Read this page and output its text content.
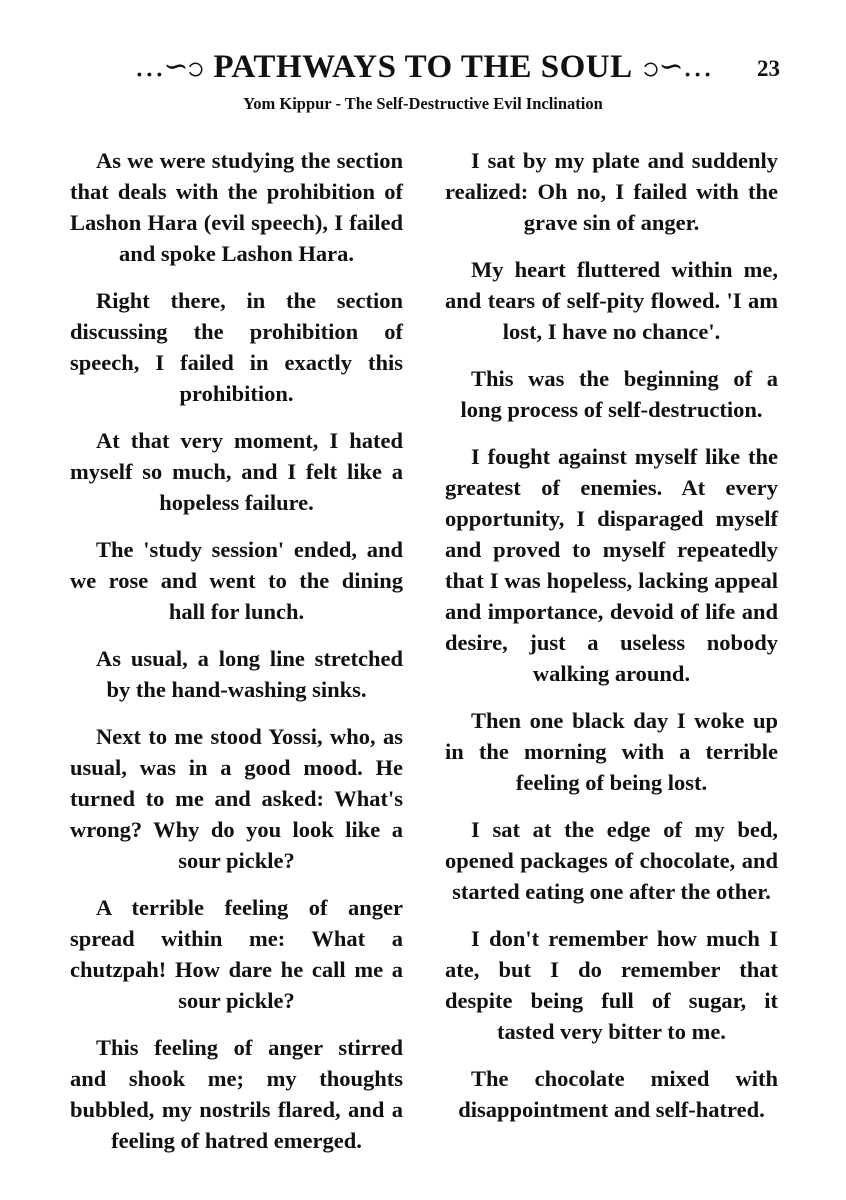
…∽ၥ PATHWAYS TO THE SOUL ၥ∽… 23
Yom Kippur - The Self-Destructive Evil Inclination

As we were studying the section that deals with the prohibition of Lashon Hara (evil speech), I failed and spoke Lashon Hara.

Right there, in the section discussing the prohibition of speech, I failed in exactly this prohibition.

At that very moment, I hated myself so much, and I felt like a hopeless failure.

The 'study session' ended, and we rose and went to the dining hall for lunch.

As usual, a long line stretched by the hand-washing sinks.

Next to me stood Yossi, who, as usual, was in a good mood. He turned to me and asked: What's wrong? Why do you look like a sour pickle?

A terrible feeling of anger spread within me: What a chutzpah! How dare he call me a sour pickle?

This feeling of anger stirred and shook me; my thoughts bubbled, my nostrils flared, and a feeling of hatred emerged.

I sat by my plate and suddenly realized: Oh no, I failed with the grave sin of anger.

My heart fluttered within me, and tears of self-pity flowed. 'I am lost, I have no chance'.

This was the beginning of a long process of self-destruction.

I fought against myself like the greatest of enemies. At every opportunity, I disparaged myself and proved to myself repeatedly that I was hopeless, lacking appeal and importance, devoid of life and desire, just a useless nobody walking around.

Then one black day I woke up in the morning with a terrible feeling of being lost.

I sat at the edge of my bed, opened packages of chocolate, and started eating one after the other.

I don't remember how much I ate, but I do remember that despite being full of sugar, it tasted very bitter to me.

The chocolate mixed with disappointment and self-hatred.
